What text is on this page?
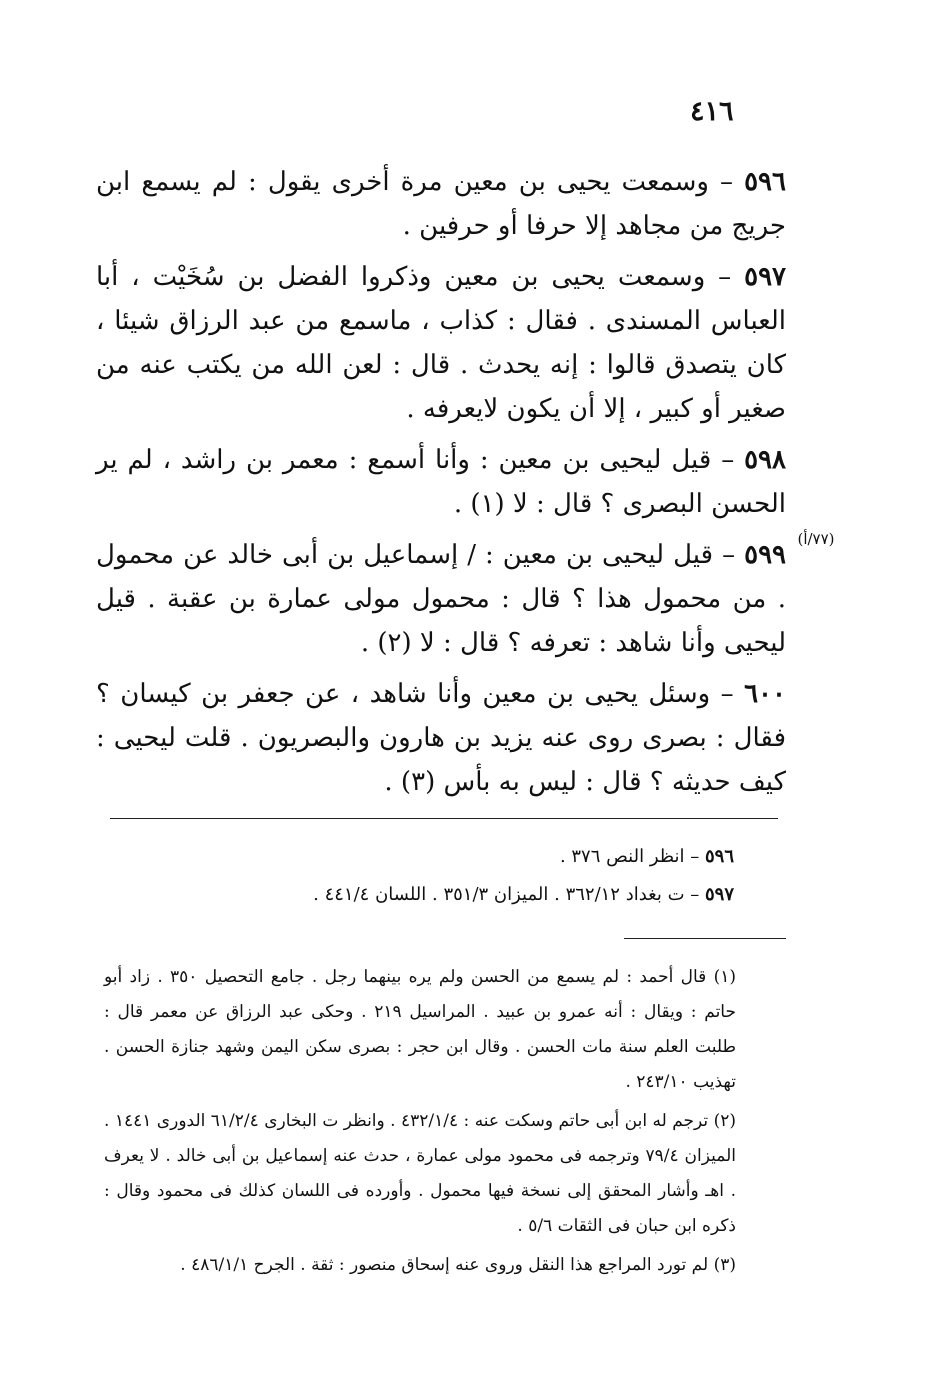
٤١٦
(٧٧/أ)

٥٩٦ – وسمعت يحيى بن معين مرة أخرى يقول : لم يسمع ابن جريج من مجاهد إلا حرفا أو حرفين .

٥٩٧ – وسمعت يحيى بن معين وذكروا الفضل بن سُخَيْت ، أبا العباس المسندى . فقال : كذاب ، ماسمع من عبد الرزاق شيئا ، كان يتصدق قالوا : إنه يحدث . قال : لعن الله من يكتب عنه من صغير أو كبير ، إلا أن يكون لايعرفه .

٥٩٨ – قيل ليحيى بن معين : وأنا أسمع : معمر بن راشد ، لم ير الحسن البصرى ؟ قال : لا (١) .

٥٩٩ – قيل ليحيى بن معين : / إسماعيل بن أبى خالد عن محمول . من محمول هذا ؟ قال : محمول مولى عمارة بن عقبة . قيل ليحيى وأنا شاهد : تعرفه ؟ قال : لا (٢) .

٦٠٠ – وسئل يحيى بن معين وأنا شاهد ، عن جعفر بن كيسان ؟ فقال : بصرى روى عنه يزيد بن هارون والبصريون . قلت ليحيى : كيف حديثه ؟ قال : ليس به بأس (٣) .

٥٩٦ – انظر النص ٣٧٦ .
٥٩٧ – ت بغداد ٣٦٢/١٢ . الميزان ٣٥١/٣ . اللسان ٤٤١/٤ .

(١) قال أحمد : لم يسمع من الحسن ولم يره بينهما رجل . جامع التحصيل ٣٥٠ . زاد أبو حاتم : ويقال : أنه عمرو بن عبيد . المراسيل ٢١٩ . وحكى عبد الرزاق عن معمر قال : طلبت العلم سنة مات الحسن . وقال ابن حجر : بصرى سكن اليمن وشهد جنازة الحسن . تهذيب ٢٤٣/١٠ .

(٢) ترجم له ابن أبى حاتم وسكت عنه : ٤٣٢/١/٤ . وانظر ت البخارى ٦١/٢/٤ الدورى ١٤٤١ . الميزان ٧٩/٤ وترجمه فى محمود مولى عمارة ، حدث عنه إسماعيل بن أبى خالد . لا يعرف . اهـ وأشار المحقق إلى نسخة فيها محمول . وأورده فى اللسان كذلك فى محمود وقال : ذكره ابن حبان فى الثقات ٥/٦ .

(٣) لم تورد المراجع هذا النقل وروى عنه إسحاق منصور : ثقة . الجرح ٤٨٦/١/١ .
